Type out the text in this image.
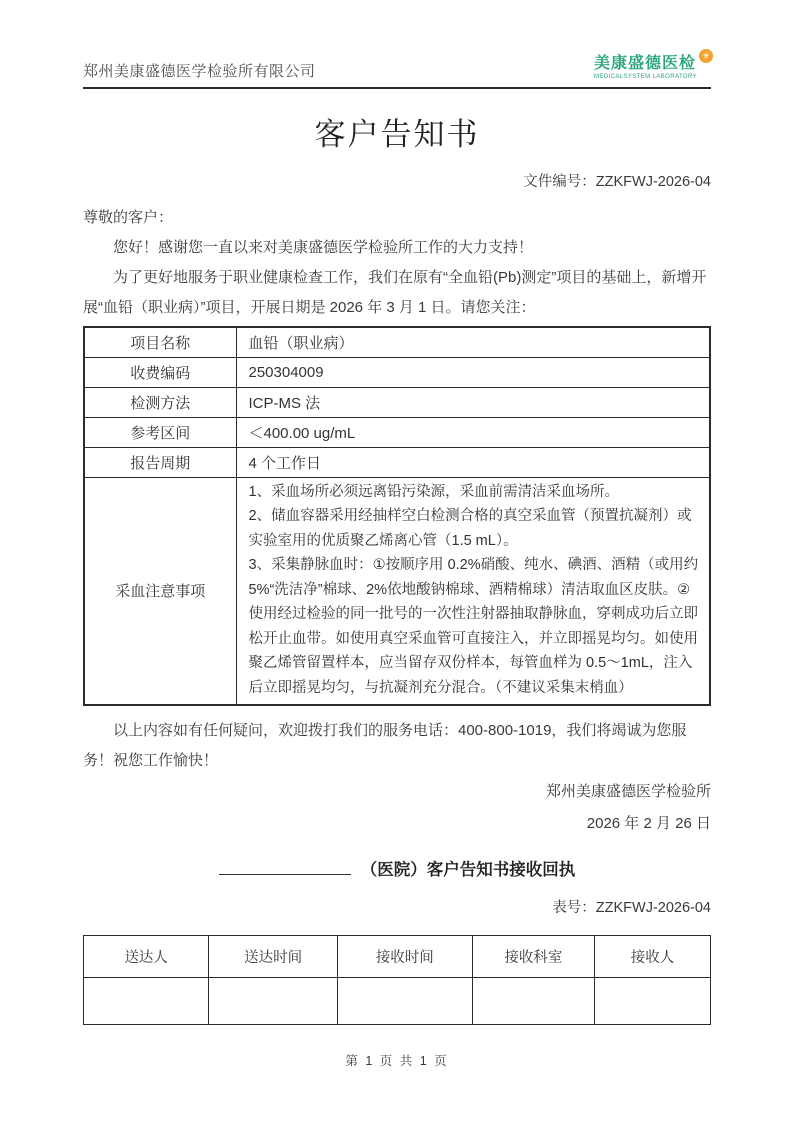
郑州美康盛德医学检验所有限公司	美康盛德医检
MEDICALSYSTEM LABORATORY
✳
客户告知书
文件编号：ZZKFWJ-2026-04
尊敬的客户：
您好！感谢您一直以来对美康盛德医学检验所工作的大力支持！
为了更好地服务于职业健康检查工作，我们在原有“全血铅(Pb)测定”项目的基础上，新增开展“血铅（职业病）”项目，开展日期是 2026 年 3 月 1 日。请您关注：
项目名称	血铅（职业病）
收费编码	250304009
检测方法	ICP-MS 法
参考区间	＜400.00 ug/mL
报告周期	4 个工作日
采血注意事项	1、采血场所必须远离铅污染源，采血前需清洁采血场所。
2、储血容器采用经抽样空白检测合格的真空采血管（预置抗凝剂）或实验室用的优质聚乙烯离心管（1.5 mL）。
3、采集静脉血时：①按顺序用 0.2%硝酸、纯水、碘酒、酒精（或用约 5%“洗洁净”棉球、2%依地酸钠棉球、酒精棉球）清洁取血区皮肤。②使用经过检验的同一批号的一次性注射器抽取静脉血，穿刺成功后立即松开止血带。如使用真空采血管可直接注入，并立即摇晃均匀。如使用聚乙烯管留置样本，应当留存双份样本，每管血样为 0.5～1mL，注入后立即摇晃均匀，与抗凝剂充分混合。（不建议采集末梢血）
以上内容如有任何疑问，欢迎拨打我们的服务电话：400-800-1019，我们将竭诚为您服务！祝您工作愉快！
郑州美康盛德医学检验所
2026 年 2 月 26 日
（医院）客户告知书接收回执
表号：ZZKFWJ-2026-04
送达人	送达时间	接收时间	接收科室	接收人

第 1 页 共 1 页
